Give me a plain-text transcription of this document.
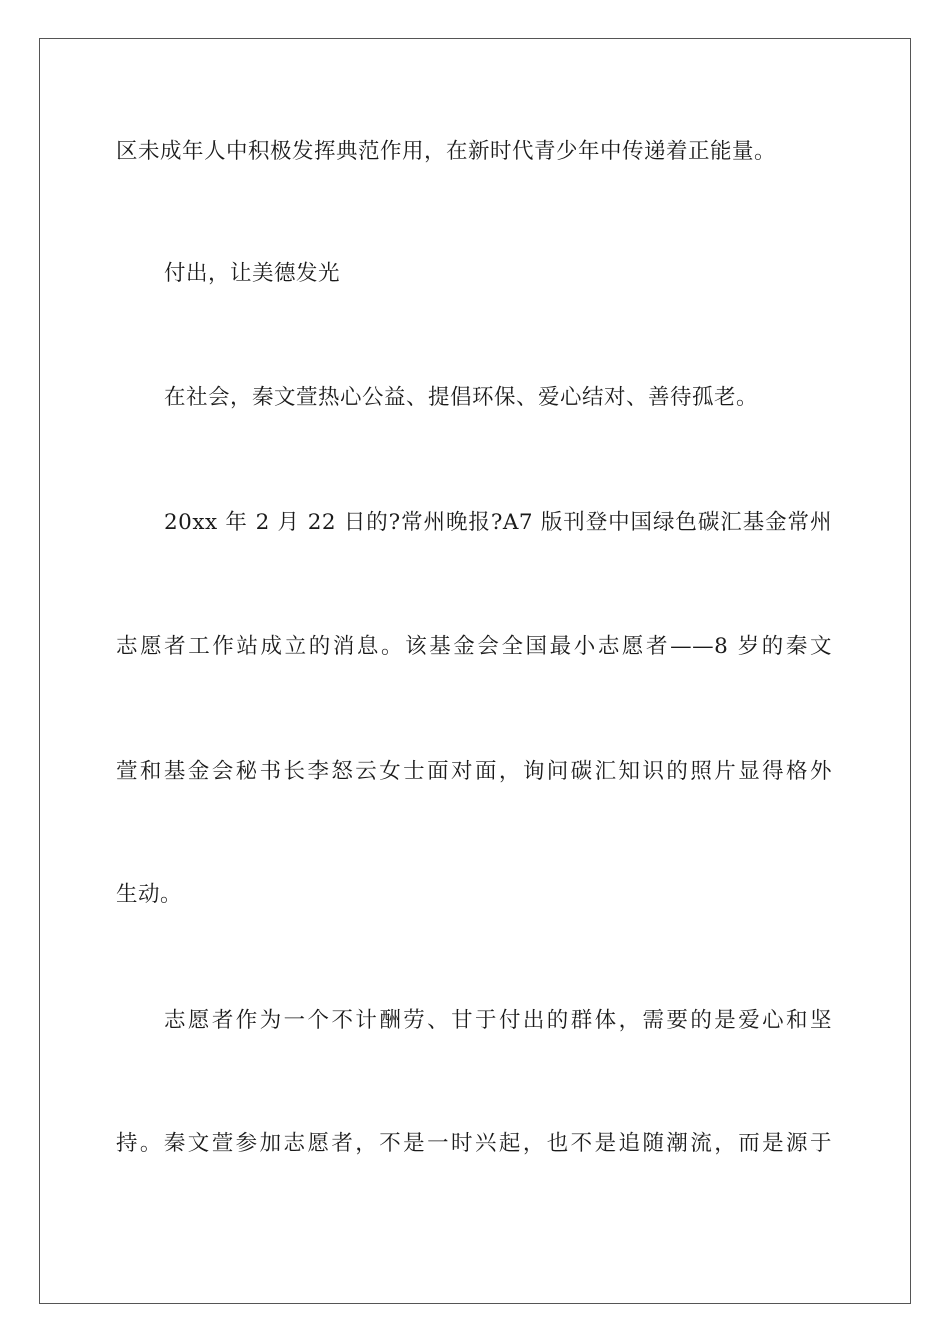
区未成年人中积极发挥典范作用，在新时代青少年中传递着正能量。
付出，让美德发光
在社会，秦文萱热心公益、提倡环保、爱心结对、善待孤老。
20xx 年 2 月 22 日的?常州晚报?A7 版刊登中国绿色碳汇基金常州
志愿者工作站成立的消息。该基金会全国最小志愿者——8 岁的秦文
萱和基金会秘书长李怒云女士面对面，询问碳汇知识的照片显得格外
生动。
志愿者作为一个不计酬劳、甘于付出的群体，需要的是爱心和坚
持。秦文萱参加志愿者，不是一时兴起，也不是追随潮流，而是源于
